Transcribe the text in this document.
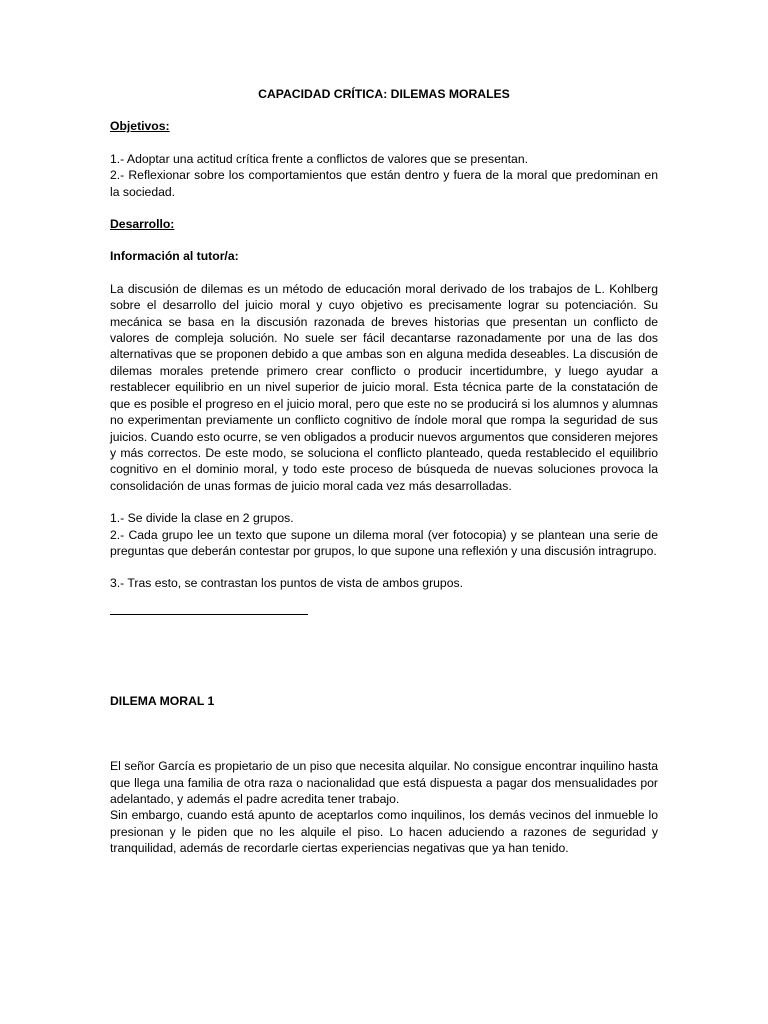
CAPACIDAD CRÍTICA: DILEMAS MORALES
Objetivos:

1.- Adoptar una actitud crítica frente a conflictos de valores que se presentan.

2.- Reflexionar sobre los comportamientos que están dentro y fuera de la moral que predominan en la sociedad.

Desarrollo:
Información al tutor/a:

La discusión de dilemas es un método de educación moral derivado de los trabajos de L. Kohlberg sobre el desarrollo del juicio moral y cuyo objetivo es precisamente lograr su potenciación. Su mecánica se basa en la discusión razonada de breves historias que presentan un conflicto de valores de compleja solución. No suele ser fácil decantarse razonadamente por una de las dos alternativas que se proponen debido a que ambas son en alguna medida deseables. La discusión de dilemas morales pretende primero crear conflicto o producir incertidumbre, y luego ayudar a restablecer equilibrio en un nivel superior de juicio moral. Esta técnica parte de la constatación de que es posible el progreso en el juicio moral, pero que este no se producirá si los alumnos y alumnas no experimentan previamente un conflicto cognitivo de índole moral que rompa la seguridad de sus juicios. Cuando esto ocurre, se ven obligados a producir nuevos argumentos que consideren mejores y más correctos. De este modo, se soluciona el conflicto planteado, queda restablecido el equilibrio cognitivo en el dominio moral, y todo este proceso de búsqueda de nuevas soluciones provoca la consolidación de unas formas de juicio moral cada vez más desarrolladas.

1.- Se divide la clase en 2 grupos.

2.- Cada grupo lee un texto que supone un dilema moral (ver fotocopia) y se plantean una serie de preguntas que deberán contestar por grupos, lo que supone una reflexión y una discusión intragrupo.

3.- Tras esto, se contrastan los puntos de vista de ambos grupos.

DILEMA MORAL 1

El señor García es propietario de un piso que necesita alquilar. No consigue encontrar inquilino hasta que llega una familia de otra raza o nacionalidad que está dispuesta a pagar dos mensualidades por adelantado, y además el padre acredita tener trabajo.

Sin embargo, cuando está apunto de aceptarlos como inquilinos, los demás vecinos del inmueble lo presionan y le piden que no les alquile el piso. Lo hacen aduciendo a razones de seguridad y tranquilidad, además de recordarle ciertas experiencias negativas que ya han tenido.
